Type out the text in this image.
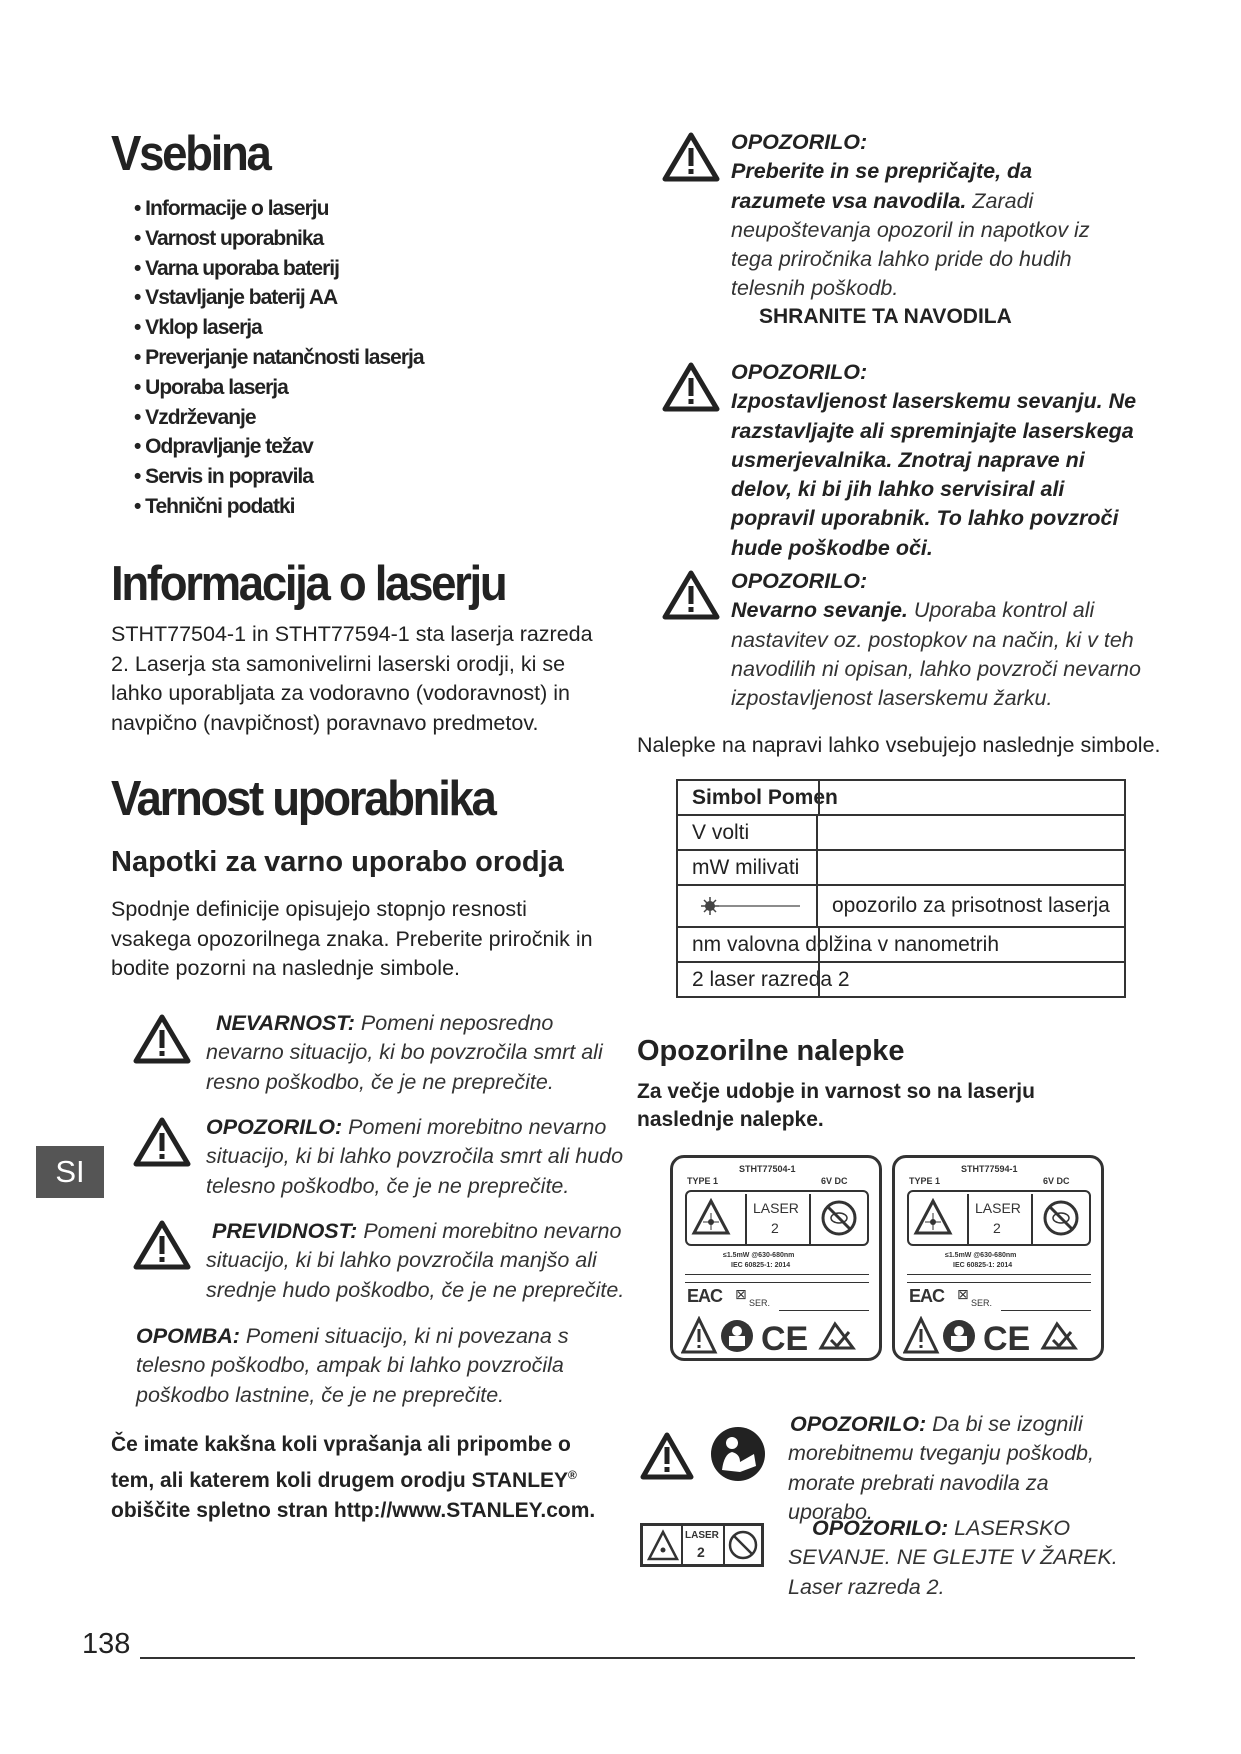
Vsebina
• Informacije o laserju
• Varnost uporabnika
• Varna uporaba baterij
• Vstavljanje baterij AA
• Vklop laserja
• Preverjanje natančnosti laserja
• Uporaba laserja
• Vzdrževanje
• Odpravljanje težav
• Servis in popravila
• Tehnični podatki
Informacija o laserju
STHT77504-1 in STHT77594-1 sta laserja razreda 2. Laserja sta samonivelirni laserski orodji, ki se lahko uporabljata za vodoravno (vodoravnost) in navpično (navpičnost) poravnavo predmetov.
Varnost uporabnika
Napotki za varno uporabo orodja
Spodnje definicije opisujejo stopnjo resnosti vsakega opozorilnega znaka. Preberite priročnik in bodite pozorni na naslednje simbole.
NEVARNOST: Pomeni neposredno nevarno situacijo, ki bo povzročila smrt ali resno poškodbo, če je ne preprečite.
OPOZORILO: Pomeni morebitno nevarno situacijo, ki bi lahko povzročila smrt ali hudo telesno poškodbo, če je ne preprečite.
PREVIDNOST: Pomeni morebitno nevarno situacijo, ki bi lahko povzročila manjšo ali srednje hudo poškodbo, če je ne preprečite.
OPOMBA: Pomeni situacijo, ki ni povezana s telesno poškodbo, ampak bi lahko povzročila poškodbo lastnine, če je ne preprečite.
Če imate kakšna koli vprašanja ali pripombe o tem, ali katerem koli drugem orodju STANLEY® obiščite spletno stran http://www.STANLEY.com.
SI
OPOZORILO:
Preberite in se prepričajte, da razumete vsa navodila. Zaradi neupoštevanja opozoril in napotkov iz tega priročnika lahko pride do hudih telesnih poškodb.
SHRANITE TA NAVODILA
OPOZORILO:
Izpostavljenost laserskemu sevanju. Ne razstavljajte ali spreminjajte laserskega usmerjevalnika. Znotraj naprave ni delov, ki bi jih lahko servisiral ali popravil uporabnik. To lahko povzroči hude poškodbe oči.
OPOZORILO:
Nevarno sevanje. Uporaba kontrol ali nastavitev oz. postopkov na način, ki v teh navodilih ni opisan, lahko povzroči nevarno izpostavljenost laserskemu žarku.
Nalepke na napravi lahko vsebujejo naslednje simbole.
Simbol Pomen	

V volti	
mW milivati	

	opozorilo za prisotnost laserja
nm valovna dolžina v nanometrih	

2 laser razreda 2	
Opozorilne nalepke
Za večje udobje in varnost so na laserju naslednje nalepke.
STHT77504-1
TYPE 1	6V DC
LASER
2
≤1.5mW @630-680nm
IEC 60825-1: 2014
EAC ⊠
SER.
CE
STHT77594-1
TYPE 1	6V DC
LASER
2
≤1.5mW @630-680nm
IEC 60825-1: 2014
EAC ⊠
SER.
CE
OPOZORILO: Da bi se izognili morebitnemu tveganju poškodb, morate prebrati navodila za uporabo.
LASER
2
OPOZORILO: LASERSKO SEVANJE. NE GLEJTE V ŽAREK. Laser razreda 2.
138
